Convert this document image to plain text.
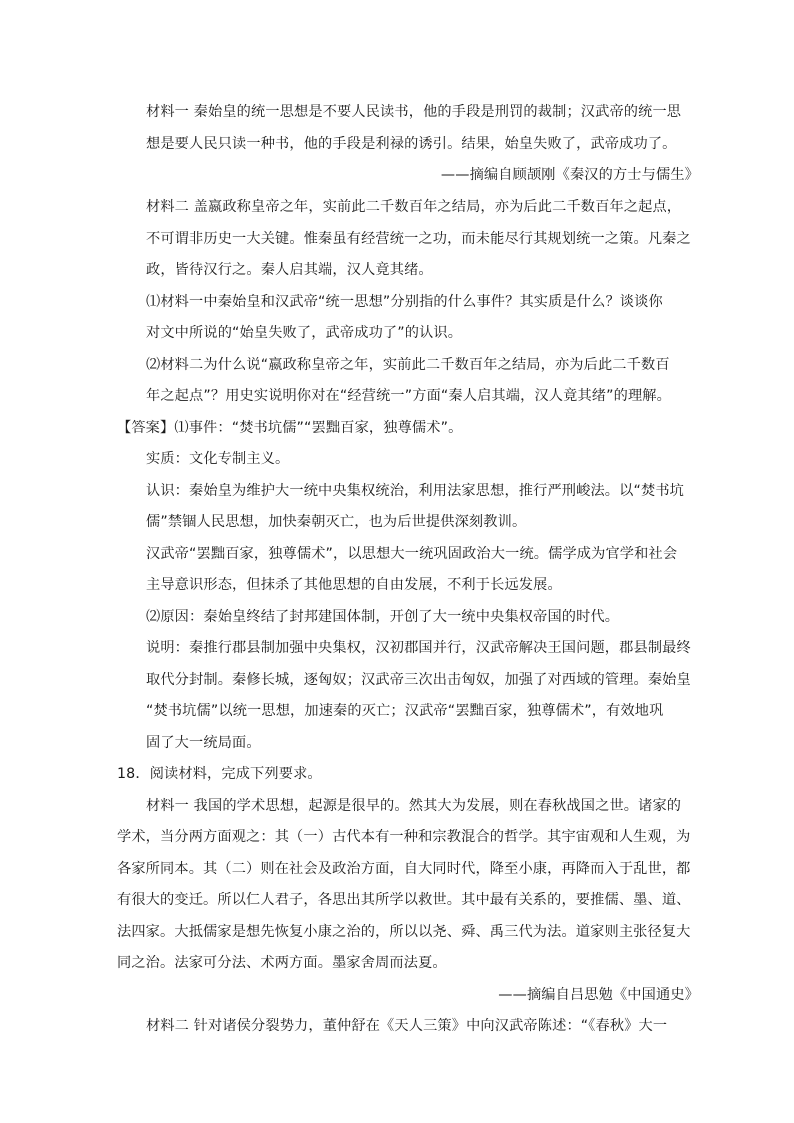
材料一 秦始皇的统一思想是不要人民读书，他的手段是刑罚的裁制；汉武帝的统一思
想是要人民只读一种书，他的手段是利禄的诱引。结果，始皇失败了，武帝成功了。
——摘编自顾颉刚《秦汉的方士与儒生》
材料二 盖嬴政称皇帝之年，实前此二千数百年之结局，亦为后此二千数百年之起点，
不可谓非历史一大关键。惟秦虽有经营统一之功，而未能尽行其规划统一之策。凡秦之
政，皆待汉行之。秦人启其端，汉人竟其绪。
⑴材料一中秦始皇和汉武帝“统一思想”分别指的什么事件？其实质是什么？谈谈你
对文中所说的“始皇失败了，武帝成功了”的认识。
⑵材料二为什么说“嬴政称皇帝之年，实前此二千数百年之结局，亦为后此二千数百
年之起点”？用史实说明你对在“经营统一”方面“秦人启其端，汉人竟其绪”的理解。
【答案】⑴事件：“焚书坑儒”“罢黜百家，独尊儒术”。
实质：文化专制主义。
认识：秦始皇为维护大一统中央集权统治，利用法家思想，推行严刑峻法。以“焚书坑
儒”禁锢人民思想，加快秦朝灭亡，也为后世提供深刻教训。
汉武帝“罢黜百家，独尊儒术”，以思想大一统巩固政治大一统。儒学成为官学和社会
主导意识形态，但抹杀了其他思想的自由发展，不利于长远发展。
⑵原因：秦始皇终结了封邦建国体制，开创了大一统中央集权帝国的时代。
说明：秦推行郡县制加强中央集权，汉初郡国并行，汉武帝解决王国问题，郡县制最终
取代分封制。秦修长城，逐匈奴；汉武帝三次出击匈奴，加强了对西域的管理。秦始皇
“焚书坑儒”以统一思想，加速秦的灭亡；汉武帝“罢黜百家，独尊儒术”，有效地巩
固了大一统局面。
18．阅读材料，完成下列要求。
材料一 我国的学术思想，起源是很早的。然其大为发展，则在春秋战国之世。诸家的
学术，当分两方面观之：其（一）古代本有一种和宗教混合的哲学。其宇宙观和人生观，为
各家所同本。其（二）则在社会及政治方面，自大同时代，降至小康，再降而入于乱世，都
有很大的变迁。所以仁人君子，各思出其所学以救世。其中最有关系的，要推儒、墨、道、
法四家。大抵儒家是想先恢复小康之治的，所以以尧、舜、禹三代为法。道家则主张径复大
同之治。法家可分法、术两方面。墨家舍周而法夏。
——摘编自吕思勉《中国通史》
材料二 针对诸侯分裂势力，董仲舒在《天人三策》中向汉武帝陈述：“《春秋》大一
